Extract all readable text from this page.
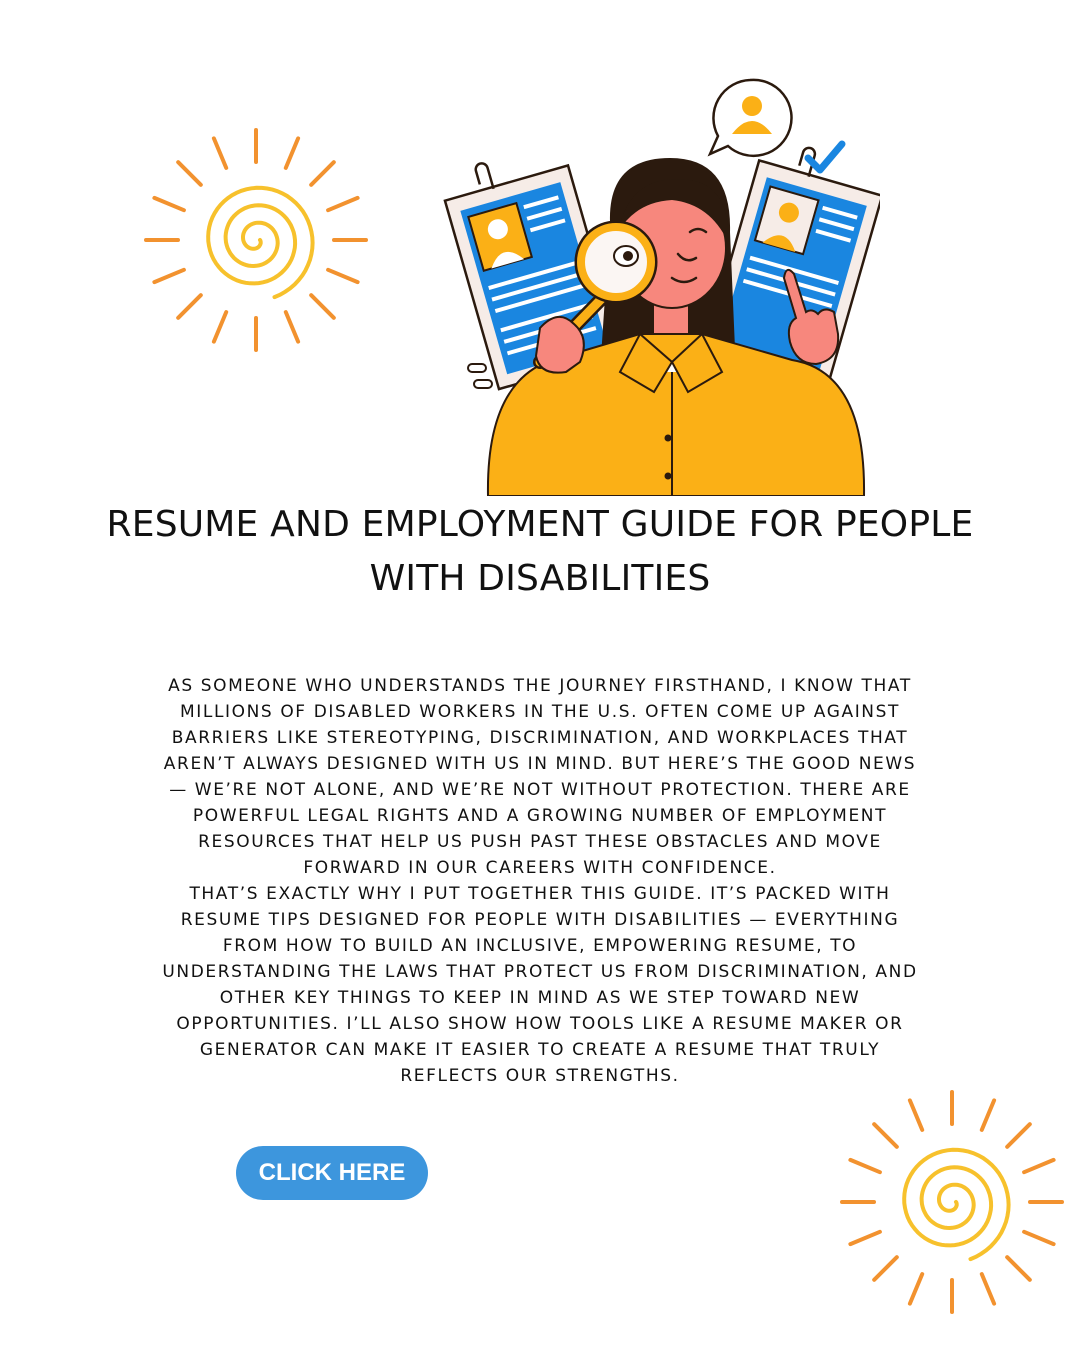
RESUME AND EMPLOYMENT GUIDE FOR PEOPLE WITH DISABILITIES

AS SOMEONE WHO UNDERSTANDS THE JOURNEY FIRSTHAND, I KNOW THAT MILLIONS OF DISABLED WORKERS IN THE U.S. OFTEN COME UP AGAINST BARRIERS LIKE STEREOTYPING, DISCRIMINATION, AND WORKPLACES THAT AREN’T ALWAYS DESIGNED WITH US IN MIND. BUT HERE’S THE GOOD NEWS — WE’RE NOT ALONE, AND WE’RE NOT WITHOUT PROTECTION. THERE ARE POWERFUL LEGAL RIGHTS AND A GROWING NUMBER OF EMPLOYMENT RESOURCES THAT HELP US PUSH PAST THESE OBSTACLES AND MOVE FORWARD IN OUR CAREERS WITH CONFIDENCE.

THAT’S EXACTLY WHY I PUT TOGETHER THIS GUIDE. IT’S PACKED WITH RESUME TIPS DESIGNED FOR PEOPLE WITH DISABILITIES — EVERYTHING FROM HOW TO BUILD AN INCLUSIVE, EMPOWERING RESUME, TO UNDERSTANDING THE LAWS THAT PROTECT US FROM DISCRIMINATION, AND OTHER KEY THINGS TO KEEP IN MIND AS WE STEP TOWARD NEW OPPORTUNITIES. I’LL ALSO SHOW HOW TOOLS LIKE A RESUME MAKER OR GENERATOR CAN MAKE IT EASIER TO CREATE A RESUME THAT TRULY REFLECTS OUR STRENGTHS.

CLICK HERE
